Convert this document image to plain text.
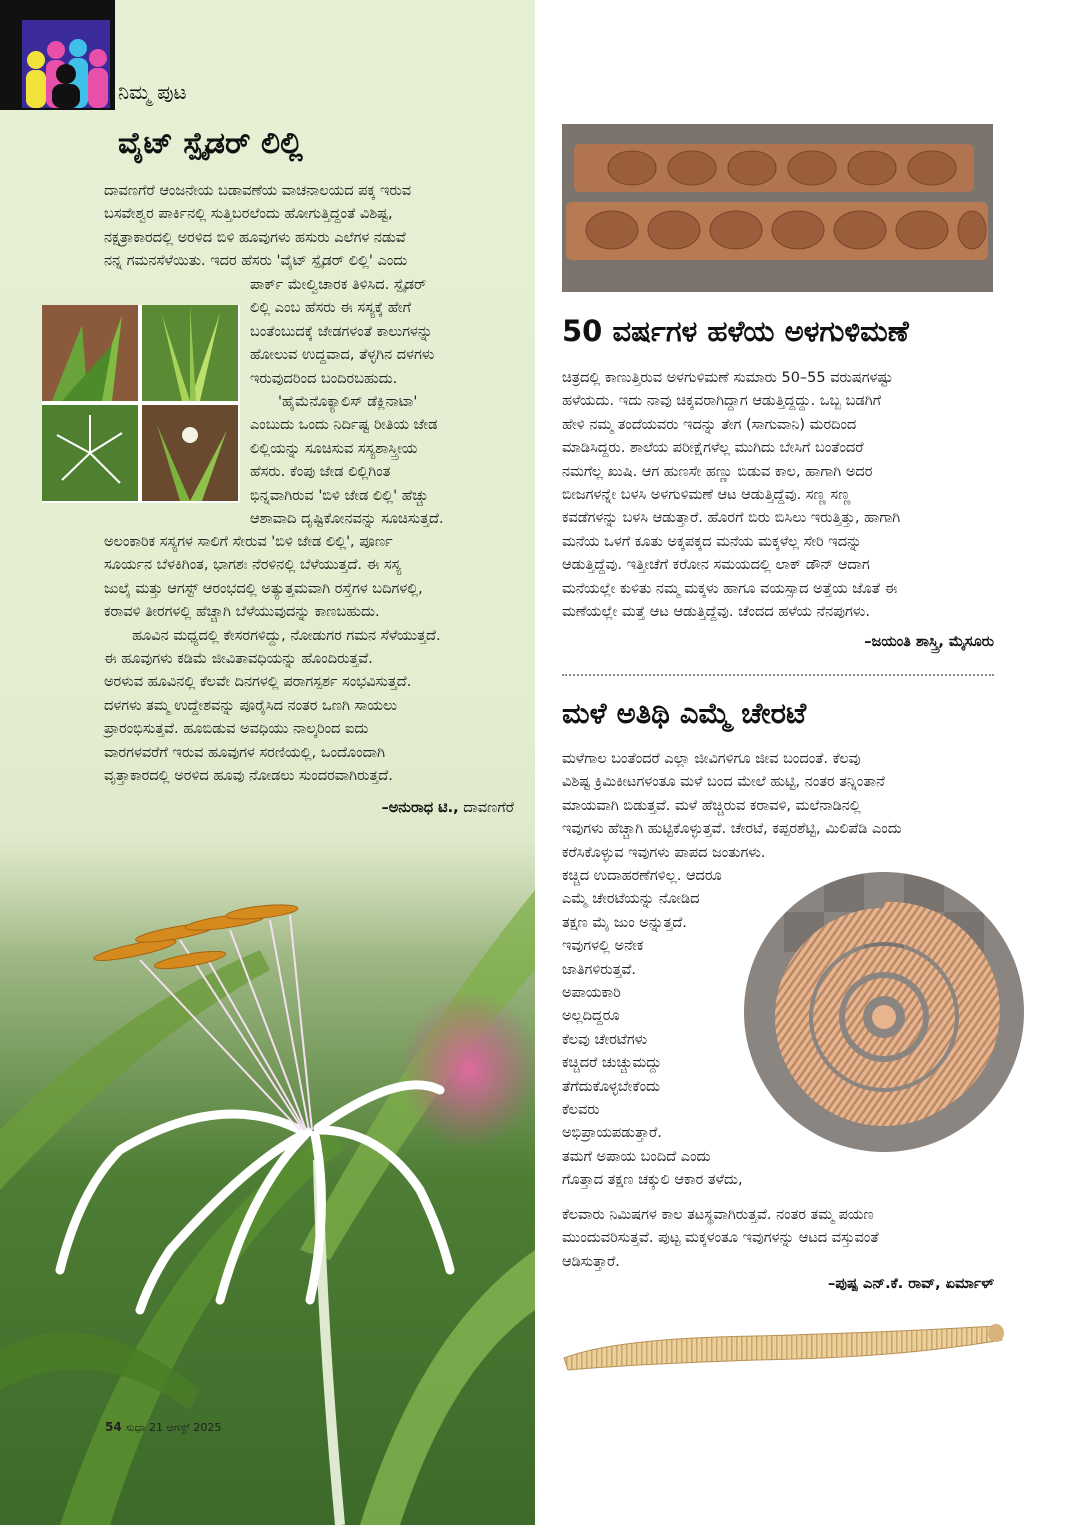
ನಿಮ್ಮ ಪುಟ
ವೈಟ್ ಸ್ಪೈಡರ್ ಲಿಲ್ಲಿ

ದಾವಣಗೆರೆ ಆಂಜನೇಯ ಬಡಾವಣೆಯ ವಾಚನಾಲಯದ ಪಕ್ಕ ಇರುವ

ಬಸವೇಶ್ವರ ಪಾರ್ಕಿನಲ್ಲಿ ಸುತ್ತಿಬರಲೆಂದು ಹೋಗುತ್ತಿದ್ದಂತೆ ವಿಶಿಷ್ಟ,

ನಕ್ಷತ್ರಾಕಾರದಲ್ಲಿ ಅರಳಿದ ಬಿಳಿ ಹೂವುಗಳು ಹಸುರು ಎಲೆಗಳ ನಡುವೆ

ನನ್ನ ಗಮನಸೆಳೆಯಿತು. ಇದರ ಹೆಸರು 'ವೈಟ್ ಸ್ಪೈಡರ್ ಲಿಲ್ಲಿ' ಎಂದು

ಪಾರ್ಕ್ ಮೇಲ್ವಿಚಾರಕ ತಿಳಿಸಿದ. ಸ್ಪೈಡರ್

ಲಿಲ್ಲಿ ಎಂಬ ಹೆಸರು ಈ ಸಸ್ಯಕ್ಕೆ ಹೇಗೆ

ಬಂತೆಂಬುದಕ್ಕೆ ಜೇಡಗಳಂತೆ ಕಾಲುಗಳನ್ನು

ಹೋಲುವ ಉದ್ದವಾದ, ತೆಳ್ಳಗಿನ ದಳಗಳು

ಇರುವುದರಿಂದ ಬಂದಿರಬಹುದು.

'ಹೈಮೆನೊಕ್ಯಾಲಿಸ್ ಡೆಕ್ಲಿನಾಟಾ'

ಎಂಬುದು ಒಂದು ನಿರ್ದಿಷ್ಟ ರೀತಿಯ ಜೇಡ

ಲಿಲ್ಲಿಯನ್ನು ಸೂಚಿಸುವ ಸಸ್ಯಶಾಸ್ತ್ರೀಯ

ಹೆಸರು. ಕೆಂಪು ಜೇಡ ಲಿಲ್ಲಿಗಿಂತ

ಭಿನ್ನವಾಗಿರುವ 'ಬಿಳಿ ಜೇಡ ಲಿಲ್ಲಿ' ಹೆಚ್ಚು

ಆಶಾವಾದಿ ದೃಷ್ಟಿಕೋನವನ್ನು ಸೂಚಿಸುತ್ತದೆ.

ಅಲಂಕಾರಿಕ ಸಸ್ಯಗಳ ಸಾಲಿಗೆ ಸೇರುವ 'ಬಿಳಿ ಜೇಡ ಲಿಲ್ಲಿ', ಪೂರ್ಣ

ಸೂರ್ಯನ ಬೆಳಕಿಗಿಂತ, ಭಾಗಶಃ ನೆರಳಿನಲ್ಲಿ ಬೆಳೆಯುತ್ತದೆ. ಈ ಸಸ್ಯ

ಜುಲೈ ಮತ್ತು ಆಗಸ್ಟ್ ಆರಂಭದಲ್ಲಿ ಅತ್ಯುತ್ತಮವಾಗಿ ರಸ್ತೆಗಳ ಬದಿಗಳಲ್ಲಿ,

ಕರಾವಳಿ ತೀರಗಳಲ್ಲಿ ಹೆಚ್ಚಾಗಿ ಬೆಳೆಯುವುದನ್ನು ಕಾಣಬಹುದು.

ಹೂವಿನ ಮಧ್ಯದಲ್ಲಿ ಕೇಸರಗಳಿದ್ದು, ನೋಡುಗರ ಗಮನ ಸೆಳೆಯುತ್ತದೆ.

ಈ ಹೂವುಗಳು ಕಡಿಮೆ ಜೀವಿತಾವಧಿಯನ್ನು ಹೊಂದಿರುತ್ತವೆ.

ಅರಳುವ ಹೂವಿನಲ್ಲಿ ಕೆಲವೇ ದಿನಗಳಲ್ಲಿ ಪರಾಗಸ್ಪರ್ಶ ಸಂಭವಿಸುತ್ತದೆ.

ದಳಗಳು ತಮ್ಮ ಉದ್ದೇಶವನ್ನು ಪೂರೈಸಿದ ನಂತರ ಒಣಗಿ ಸಾಯಲು

ಪ್ರಾರಂಭಿಸುತ್ತವೆ. ಹೂಬಿಡುವ ಅವಧಿಯು ನಾಲ್ಕರಿಂದ ಐದು

ವಾರಗಳವರೆಗೆ ಇರುವ ಹೂವುಗಳ ಸರಣಿಯಲ್ಲಿ, ಒಂದೊಂದಾಗಿ

ವೃತ್ತಾಕಾರದಲ್ಲಿ ಅರಳಿದ ಹೂವು ನೋಡಲು ಸುಂದರವಾಗಿರುತ್ತದೆ.

–ಅನುರಾಧ ಟಿ., ದಾವಣಗೆರೆ
54 ಸುಧಾ 21 ಆಗಸ್ಟ್ 2025
50 ವರ್ಷಗಳ ಹಳೆಯ ಅಳಗುಳಿಮಣೆ

ಚಿತ್ರದಲ್ಲಿ ಕಾಣುತ್ತಿರುವ ಅಳಗುಳಿಮಣೆ ಸುಮಾರು 50–55 ವರುಷಗಳಷ್ಟು

ಹಳೆಯದು. ಇದು ನಾವು ಚಿಕ್ಕವರಾಗಿದ್ದಾಗ ಆಡುತ್ತಿದ್ದದ್ದು. ಒಬ್ಬ ಬಡಗಿಗೆ

ಹೇಳಿ ನಮ್ಮ ತಂದೆಯವರು ಇದನ್ನು ತೇಗ (ಸಾಗುವಾನಿ) ಮರದಿಂದ

ಮಾಡಿಸಿದ್ದರು. ಶಾಲೆಯ ಪರೀಕ್ಷೆಗಳೆಲ್ಲ ಮುಗಿದು ಬೇಸಿಗೆ ಬಂತೆಂದರೆ

ನಮಗೆಲ್ಲ ಖುಷಿ. ಆಗ ಹುಣಸೇ ಹಣ್ಣು ಬಿಡುವ ಕಾಲ, ಹಾಗಾಗಿ ಅದರ

ಬೀಜಗಳನ್ನೇ ಬಳಸಿ ಅಳಗುಳಿಮಣೆ ಆಟ ಆಡುತ್ತಿದ್ದೆವು. ಸಣ್ಣ ಸಣ್ಣ

ಕವಡೆಗಳನ್ನು ಬಳಸಿ ಆಡುತ್ತಾರೆ. ಹೊರಗೆ ಬಿರು ಬಿಸಿಲು ಇರುತ್ತಿತ್ತು, ಹಾಗಾಗಿ

ಮನೆಯ ಒಳಗೆ ಕೂತು ಅಕ್ಕಪಕ್ಕದ ಮನೆಯ ಮಕ್ಕಳೆಲ್ಲ ಸೇರಿ ಇದನ್ನು

ಆಡುತ್ತಿದ್ದೆವು. ಇತ್ತೀಚೆಗೆ ಕರೋನ ಸಮಯದಲ್ಲಿ ಲಾಕ್ ಡೌನ್ ಆದಾಗ

ಮನೆಯಲ್ಲೇ ಕುಳಿತು ನಮ್ಮ ಮಕ್ಕಳು ಹಾಗೂ ವಯಸ್ಸಾದ ಅತ್ತೆಯ ಜೊತೆ ಈ

ಮಣೆಯಲ್ಲೇ ಮತ್ತೆ ಆಟ ಆಡುತ್ತಿದ್ದೆವು. ಚೆಂದದ ಹಳೆಯ ನೆನಪುಗಳು.

–ಜಯಂತಿ ಶಾಸ್ತ್ರಿ, ಮೈಸೂರು
ಮಳೆ ಅತಿಥಿ ಎಮ್ಮೆ ಚೇರಟೆ

ಮಳೆಗಾಲ ಬಂತೆಂದರೆ ಎಲ್ಲಾ ಜೀವಿಗಳಿಗೂ ಜೀವ ಬಂದಂತೆ. ಕೆಲವು

ವಿಶಿಷ್ಟ ಕ್ರಿಮಿಕೀಟಗಳಂತೂ ಮಳೆ ಬಂದ ಮೇಲೆ ಹುಟ್ಟಿ, ನಂತರ ತನ್ನಿಂತಾನೆ

ಮಾಯವಾಗಿ ಬಿಡುತ್ತವೆ. ಮಳೆ ಹೆಚ್ಚಿರುವ ಕರಾವಳಿ, ಮಲೆನಾಡಿನಲ್ಲಿ

ಇವುಗಳು ಹೆಚ್ಚಾಗಿ ಹುಟ್ಟಿಕೊಳ್ಳುತ್ತವೆ. ಚೇರಟೆ, ಕಪ್ಪರಶೆಟ್ಟಿ, ಮಿಲಿಪೆಡಿ ಎಂದು

ಕರೆಸಿಕೊಳ್ಳುವ ಇವುಗಳು ಪಾಪದ ಜಂತುಗಳು.

ಕಚ್ಚಿದ ಉದಾಹರಣೆಗಳಿಲ್ಲ. ಆದರೂ

ಎಮ್ಮೆ ಚೇರಟೆಯನ್ನು ನೋಡಿದ

ತಕ್ಷಣ ಮೈ ಜುಂ ಅನ್ನುತ್ತದೆ.

ಇವುಗಳಲ್ಲಿ ಅನೇಕ

ಜಾತಿಗಳಿರುತ್ತವೆ.

ಅಪಾಯಕಾರಿ

ಅಲ್ಲದಿದ್ದರೂ

ಕೆಲವು ಚೇರಟೆಗಳು

ಕಚ್ಚಿದರೆ ಚುಚ್ಚುಮದ್ದು

ತೆಗೆದುಕೊಳ್ಳಬೇಕೆಂದು

ಕೆಲವರು

ಅಭಿಪ್ರಾಯಪಡುತ್ತಾರೆ.

ತಮಗೆ ಅಪಾಯ ಬಂದಿದೆ ಎಂದು

ಗೊತ್ತಾದ ತಕ್ಷಣ ಚಕ್ಕುಲಿ ಆಕಾರ ತಳೆದು,

ಕೆಲವಾರು ನಿಮಿಷಗಳ ಕಾಲ ತಟಸ್ಥವಾಗಿರುತ್ತವೆ. ನಂತರ ತಮ್ಮ ಪಯಣ

ಮುಂದುವರಿಸುತ್ತವೆ. ಪುಟ್ಟ ಮಕ್ಕಳಂತೂ ಇವುಗಳನ್ನು ಆಟದ ವಸ್ತುವಂತೆ

ಆಡಿಸುತ್ತಾರೆ.

–ಪುಷ್ಪ ಎನ್.ಕೆ. ರಾವ್, ಏರ್ಮಾಳ್
